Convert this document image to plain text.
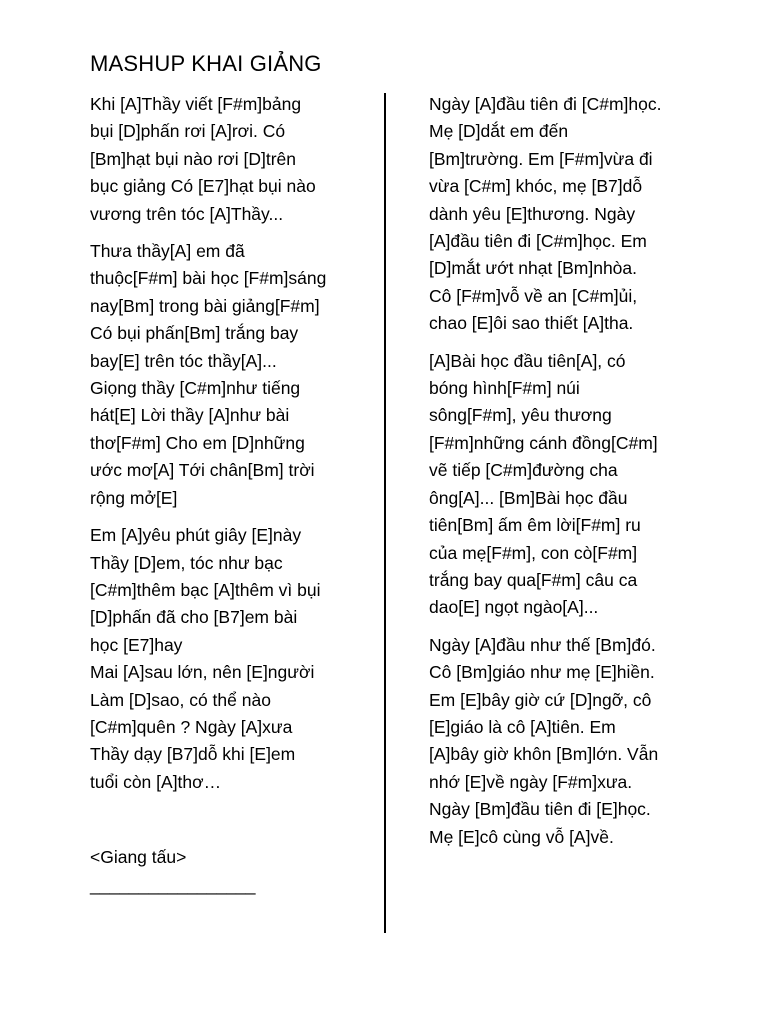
MASHUP KHAI GIẢNG
Khi [A]Thầy viết [F#m]bảng
bụi [D]phấn rơi [A]rơi. Có
[Bm]hạt bụi nào rơi [D]trên
bục giảng Có [E7]hạt bụi nào
vương trên tóc [A]Thầy...
Thưa thầy[A] em đã
thuộc[F#m] bài học [F#m]sáng
nay[Bm] trong bài giảng[F#m]
Có bụi phấn[Bm] trắng bay
bay[E] trên tóc thầy[A]...
Giọng thầy [C#m]như tiếng
hát[E] Lời thầy [A]như bài
thơ[F#m] Cho em [D]những
ước mơ[A] Tới chân[Bm] trời
rộng mở[E]
Em [A]yêu phút giây [E]này
Thầy [D]em, tóc như bạc
[C#m]thêm bạc [A]thêm vì bụi
[D]phấn đã cho [B7]em bài
học [E7]hay
Mai [A]sau lớn, nên [E]người
Làm [D]sao, có thể nào
[C#m]quên ? Ngày [A]xưa
Thầy dạy [B7]dỗ khi [E]em
tuổi còn [A]thơ…
<Giang tấu>
_________________
Ngày [A]đầu tiên đi [C#m]học.
Mẹ [D]dắt em đến
[Bm]trường. Em [F#m]vừa đi
vừa [C#m] khóc, mẹ [B7]dỗ
dành yêu [E]thương. Ngày
[A]đầu tiên đi [C#m]học. Em
[D]mắt ướt nhạt [Bm]nhòa.
Cô [F#m]vỗ về an [C#m]ủi,
chao [E]ôi sao thiết [A]tha.
[A]Bài học đầu tiên[A], có
bóng hình[F#m] núi
sông[F#m], yêu thương
[F#m]những cánh đồng[C#m]
vẽ tiếp [C#m]đường cha
ông[A]... [Bm]Bài học đầu
tiên[Bm] ấm êm lời[F#m] ru
của mẹ[F#m], con cò[F#m]
trắng bay qua[F#m] câu ca
dao[E] ngọt ngào[A]...
Ngày [A]đầu như thế [Bm]đó.
Cô [Bm]giáo như mẹ [E]hiền.
Em [E]bây giờ cứ [D]ngỡ, cô
[E]giáo là cô [A]tiên. Em
[A]bây giờ khôn [Bm]lớn. Vẫn
nhớ [E]về ngày [F#m]xưa.
Ngày [Bm]đầu tiên đi [E]học.
Mẹ [E]cô cùng vỗ [A]về.
